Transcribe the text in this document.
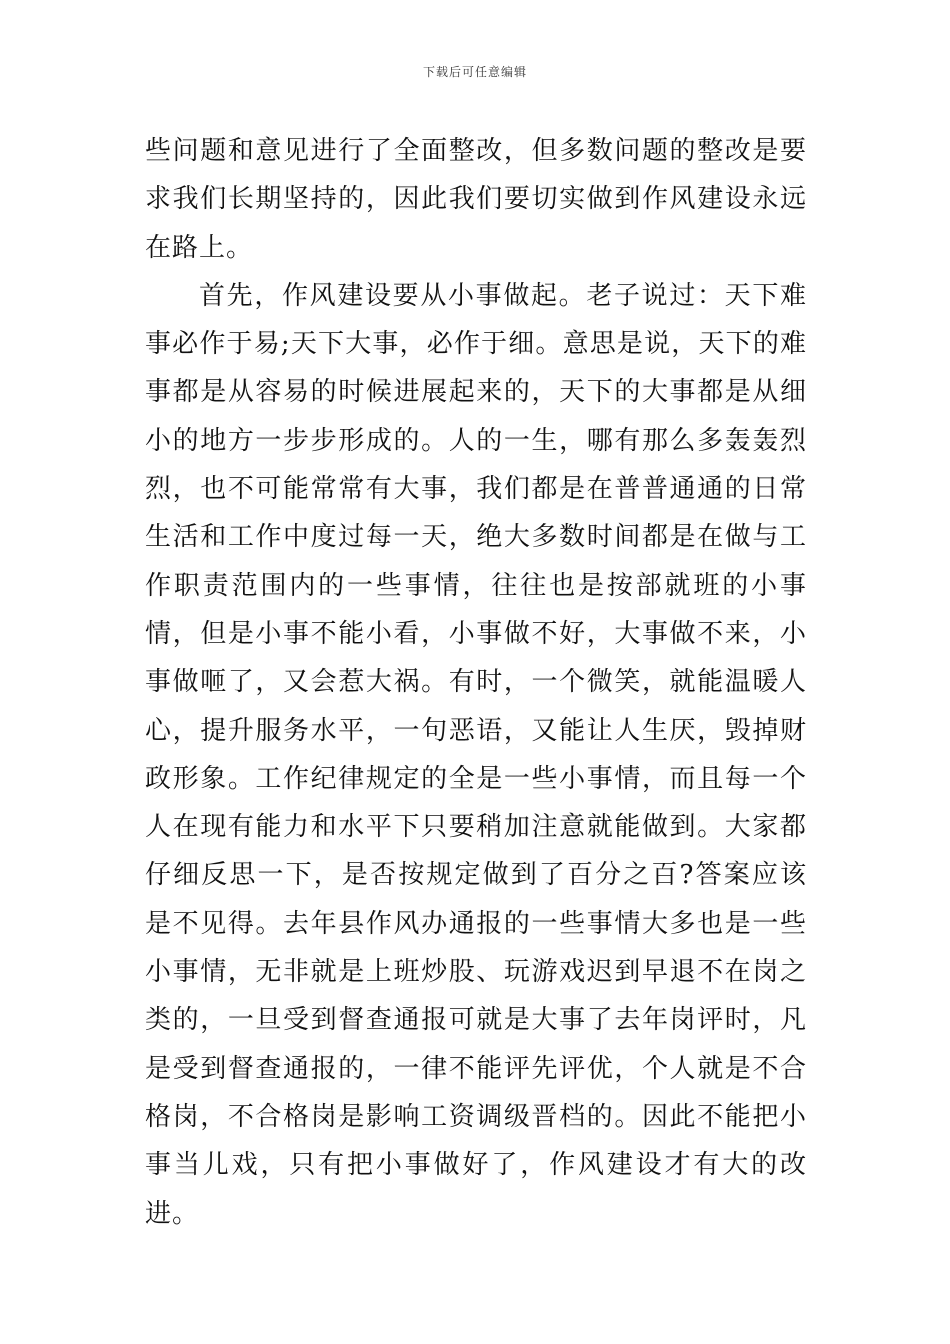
下载后可任意编辑

些问题和意见进行了全面整改，但多数问题的整改是要求我们长期坚持的，因此我们要切实做到作风建设永远在路上。

首先，作风建设要从小事做起。老子说过：天下难事必作于易;天下大事，必作于细。意思是说，天下的难事都是从容易的时候进展起来的，天下的大事都是从细小的地方一步步形成的。人的一生，哪有那么多轰轰烈烈，也不可能常常有大事，我们都是在普普通通的日常生活和工作中度过每一天，绝大多数时间都是在做与工作职责范围内的一些事情，往往也是按部就班的小事情，但是小事不能小看，小事做不好，大事做不来，小事做咂了，又会惹大祸。有时，一个微笑，就能温暖人心，提升服务水平，一句恶语，又能让人生厌，毁掉财政形象。工作纪律规定的全是一些小事情，而且每一个人在现有能力和水平下只要稍加注意就能做到。大家都仔细反思一下，是否按规定做到了百分之百?答案应该是不见得。去年县作风办通报的一些事情大多也是一些小事情，无非就是上班炒股、玩游戏迟到早退不在岗之类的，一旦受到督查通报可就是大事了去年岗评时，凡是受到督查通报的，一律不能评先评优，个人就是不合格岗，不合格岗是影响工资调级晋档的。因此不能把小事当儿戏，只有把小事做好了，作风建设才有大的改进。
